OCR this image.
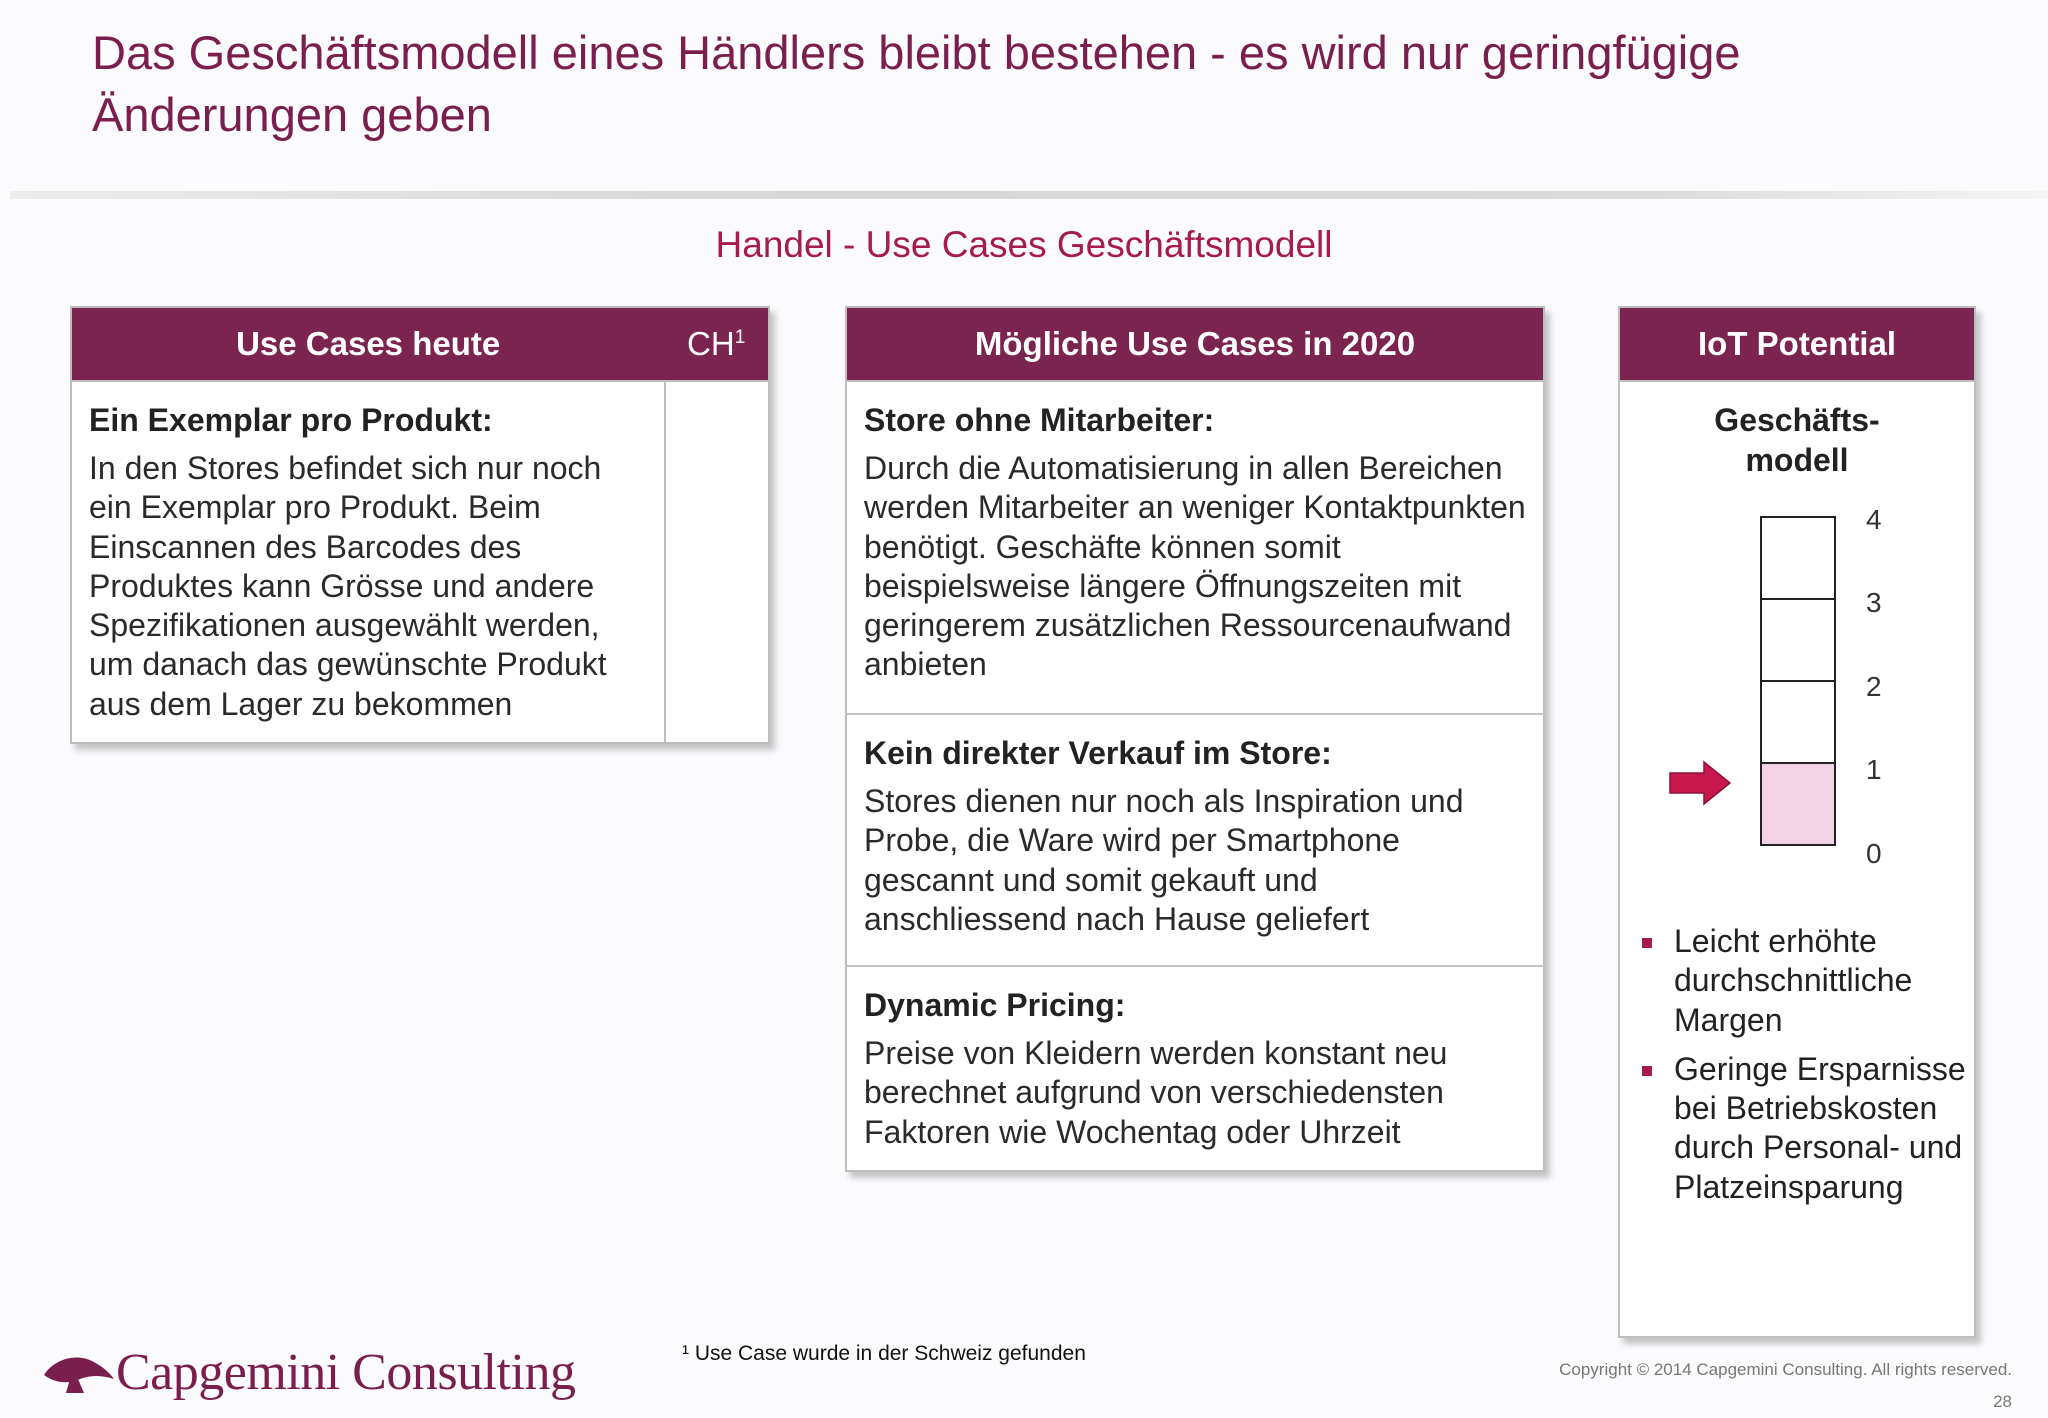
Das Geschäftsmodell eines Händlers bleibt bestehen - es wird nur geringfügige Änderungen geben
Handel - Use Cases Geschäftsmodell
Use Cases heute	$CH^1$
Ein Exemplar pro Produkt:

In den Stores befindet sich nur noch ein Exemplar pro Produkt. Beim Einscannen des Barcodes des Produktes kann Grösse und andere Spezifikationen ausgewählt werden, um danach das gewünschte Produkt aus dem Lager zu bekommen

Mögliche Use Cases in 2020
Store ohne Mitarbeiter:

Durch die Automatisierung in allen Bereichen werden Mitarbeiter an weniger Kontaktpunkten benötigt. Geschäfte können somit beispielsweise längere Öffnungszeiten mit geringerem zusätzlichen Ressourcenaufwand anbieten

Kein direkter Verkauf im Store:

Stores dienen nur noch als Inspiration und Probe, die Ware wird per Smartphone gescannt und somit gekauft und anschliessend nach Hause geliefert

Dynamic Pricing:

Preise von Kleidern werden konstant neu berechnet aufgrund von verschiedensten Faktoren wie Wochentag oder Uhrzeit

IoT Potential
Geschäfts- modell
4
3
2
1
0
Leicht erhöhte durchschnittliche Margen
Geringe Ersparnisse bei Betriebskosten durch Personal- und Platzeinsparung
Capgemini Consulting	¹ Use Case wurde in der Schweiz gefunden
Copyright © 2014 Capgemini Consulting. All rights reserved.
28
